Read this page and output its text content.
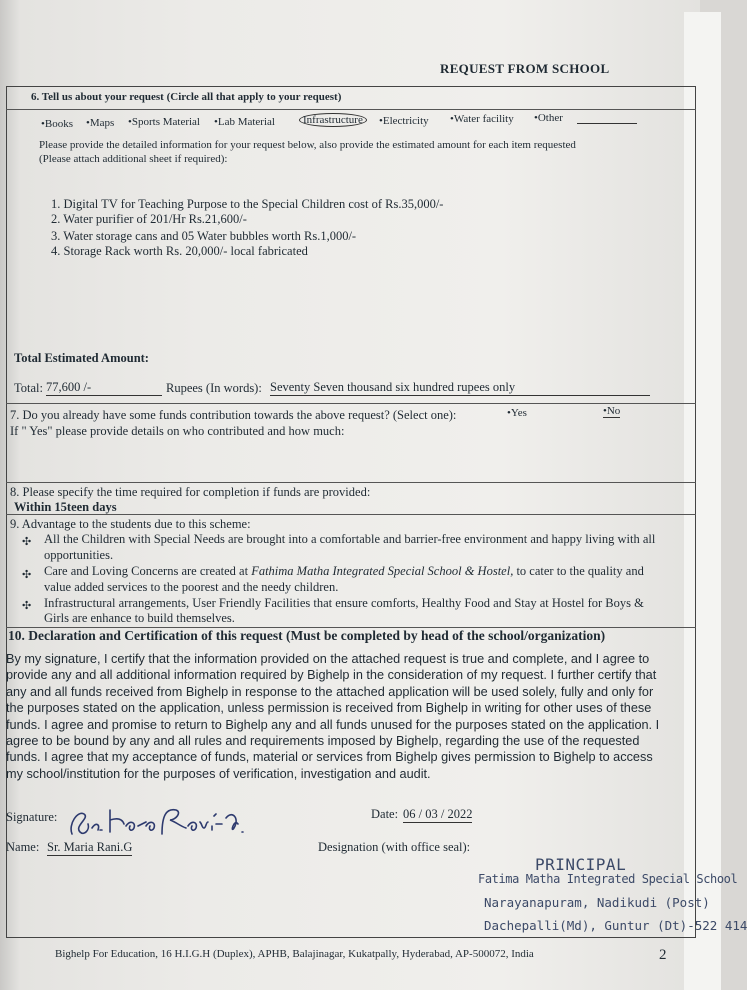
REQUEST FROM SCHOOL
6. Tell us about your request (Circle all that apply to your request)
•Books •Maps •Sports Material •Lab Material	Infrastructure	•Electricity •Water facility •Other
Please provide the detailed information for your request below, also provide the estimated amount for each item requested
(Please attach additional sheet if required):
1. Digital TV for Teaching Purpose to the Special Children cost of Rs.35,000/-
2. Water purifier of 201/Hr Rs.21,600/-
3. Water storage cans and 05 Water bubbles worth Rs.1,000/-
4. Storage Rack worth Rs. 20,000/- local fabricated
Total Estimated Amount:
Total: 77,600 /-	Rupees (In words): Seventy Seven thousand six hundred rupees only
7. Do you already have some funds contribution towards the above request? (Select one):	•Yes	•No
If " Yes" please provide details on who contributed and how much:
8. Please specify the time required for completion if funds are provided:
Within 15teen days
9. Advantage to the students due to this scheme:
✣ All the Children with Special Needs are brought into a comfortable and barrier-free environment and happy living with all
opportunities.
✣ Care and Loving Concerns are created at Fathima Matha Integrated Special School & Hostel, to cater to the quality and
value added services to the poorest and the needy children.
✣ Infrastructural arrangements, User Friendly Facilities that ensure comforts, Healthy Food and Stay at Hostel for Boys &
Girls are enhance to build themselves.
10. Declaration and Certification of this request (Must be completed by head of the school/organization)
By my signature, I certify that the information provided on the attached request is true and complete, and I agree to
provide any and all additional information required by Bighelp in the consideration of my request. I further certify that
any and all funds received from Bighelp in response to the attached application will be used solely, fully and only for
the purposes stated on the application, unless permission is received from Bighelp in writing for other uses of these
funds. I agree and promise to return to Bighelp any and all funds unused for the purposes stated on the application. I
agree to be bound by any and all rules and requirements imposed by Bighelp, regarding the use of the requested
funds. I agree that my acceptance of funds, material or services from Bighelp gives permission to Bighelp to access
my school/institution for the purposes of verification, investigation and audit.
Signature:	Date: 06 / 03 / 2022
Name: Sr. Maria Rani.G	Designation (with office seal):
PRINCIPAL
Fatima Matha Integrated Special School
Narayanapuram, Nadikudi (Post)
Dachepalli(Md), Guntur (Dt)-522 414
Bighelp For Education, 16 H.I.G.H (Duplex), APHB, Balajinagar, Kukatpally, Hyderabad, AP-500072, India	2
